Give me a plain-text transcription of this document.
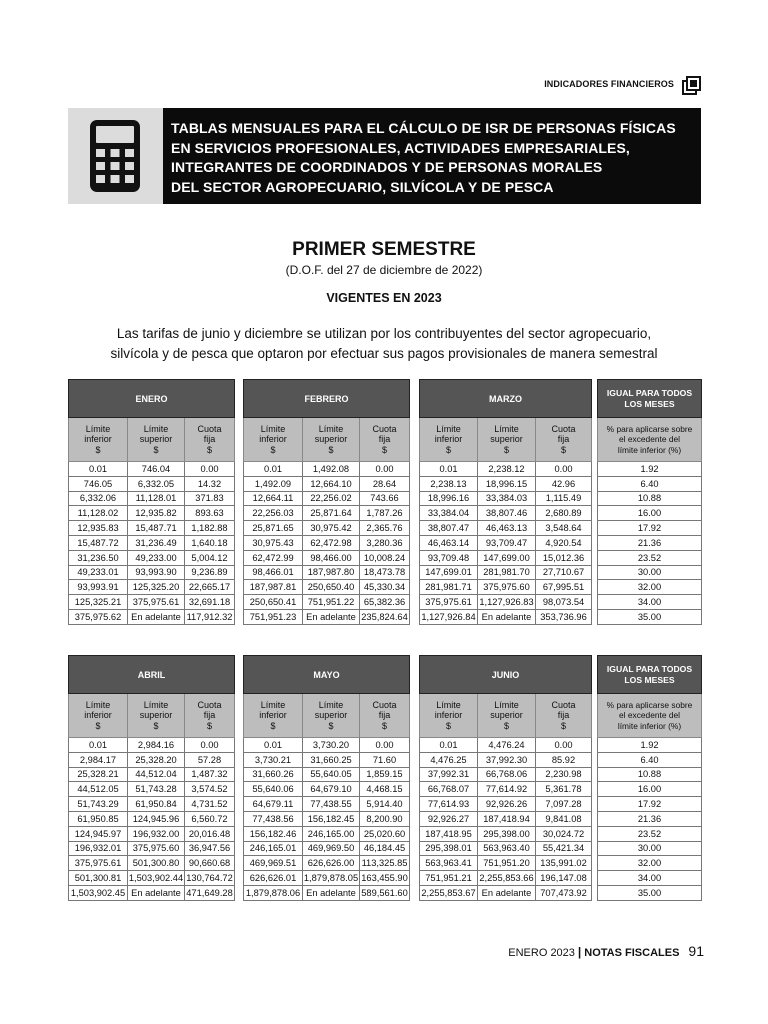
INDICADORES FINANCIEROS
TABLAS MENSUALES PARA EL CÁLCULO DE ISR DE PERSONAS FÍSICAS
EN SERVICIOS PROFESIONALES, ACTIVIDADES EMPRESARIALES,
INTEGRANTES DE COORDINADOS Y DE PERSONAS MORALES
DEL SECTOR AGROPECUARIO, SILVÍCOLA Y DE PESCA
PRIMER SEMESTRE
(D.O.F. del 27 de diciembre de 2022)
VIGENTES EN 2023
Las tarifas de junio y diciembre se utilizan por los contribuyentes del sector agropecuario,
silvícola y de pesca que optaron por efectuar sus pagos provisionales de manera semestral
ENERO		

Límite
inferior
$	Límite
superior
$	Cuota
fija
$

0.01	746.04	0.00
746.05	6,332.05	14.32
6,332.06	11,128.01	371.83
11,128.02	12,935.82	893.63
12,935.83	15,487.71	1,182.88
15,487.72	31,236.49	1,640.18
31,236.50	49,233.00	5,004.12
49,233.01	93,993.90	9,236.89
93,993.91	125,325.20	22,665.17
125,325.21	375,975.61	32,691.18
375,975.62	En adelante	117,912.32
FEBRERO		

Límite
inferior
$	Límite
superior
$	Cuota
fija
$

0.01	1,492.08	0.00
1,492.09	12,664.10	28.64
12,664.11	22,256.02	743.66
22,256.03	25,871.64	1,787.26
25,871.65	30,975.42	2,365.76
30,975.43	62,472.98	3,280.36
62,472.99	98,466.00	10,008.24
98,466.01	187,987.80	18,473.78
187,987.81	250,650.40	45,330.34
250,650.41	751,951.22	65,382.36
751,951.23	En adelante	235,824.64
MARZO		

Límite
inferior
$	Límite
superior
$	Cuota
fija
$

0.01	2,238.12	0.00
2,238.13	18,996.15	42.96
18,996.16	33,384.03	1,115.49
33,384.04	38,807.46	2,680.89
38,807.47	46,463.13	3,548.64
46,463.14	93,709.47	4,920.54
93,709.48	147,699.00	15,012.36
147,699.01	281,981.70	27,710.67
281,981.71	375,975.60	67,995.51
375,975.61	1,127,926.83	98,073.54
1,127,926.84	En adelante	353,736.96
IGUAL PARA TODOS
LOS MESES

% para aplicarse sobre
el excedente del
límite inferior (%)

1.92
6.40
10.88
16.00
17.92
21.36
23.52
30.00
32.00
34.00
35.00
ABRIL		

Límite
inferior
$	Límite
superior
$	Cuota
fija
$

0.01	2,984.16	0.00
2,984.17	25,328.20	57.28
25,328.21	44,512.04	1,487.32
44,512.05	51,743.28	3,574.52
51,743.29	61,950.84	4,731.52
61,950.85	124,945.96	6,560.72
124,945.97	196,932.00	20,016.48
196,932.01	375,975.60	36,947.56
375,975.61	501,300.80	90,660.68
501,300.81	1,503,902.44	130,764.72
1,503,902.45	En adelante	471,649.28
MAYO		

Límite
inferior
$	Límite
superior
$	Cuota
fija
$

0.01	3,730.20	0.00
3,730.21	31,660.25	71.60
31,660.26	55,640.05	1,859.15
55,640.06	64,679.10	4,468.15
64,679.11	77,438.55	5,914.40
77,438.56	156,182.45	8,200.90
156,182.46	246,165.00	25,020.60
246,165.01	469,969.50	46,184.45
469,969.51	626,626.00	113,325.85
626,626.01	1,879,878.05	163,455.90
1,879,878.06	En adelante	589,561.60
JUNIO		

Límite
inferior
$	Límite
superior
$	Cuota
fija
$

0.01	4,476.24	0.00
4,476.25	37,992.30	85.92
37,992.31	66,768.06	2,230.98
66,768.07	77,614.92	5,361.78
77,614.93	92,926.26	7,097.28
92,926.27	187,418.94	9,841.08
187,418.95	295,398.00	30,024.72
295,398.01	563,963.40	55,421.34
563,963.41	751,951.20	135,991.02
751,951.21	2,255,853.66	196,147.08
2,255,853.67	En adelante	707,473.92
IGUAL PARA TODOS
LOS MESES

% para aplicarse sobre
el excedente del
límite inferior (%)

1.92
6.40
10.88
16.00
17.92
21.36
23.52
30.00
32.00
34.00
35.00
ENERO 2023 | NOTAS FISCALES 91
